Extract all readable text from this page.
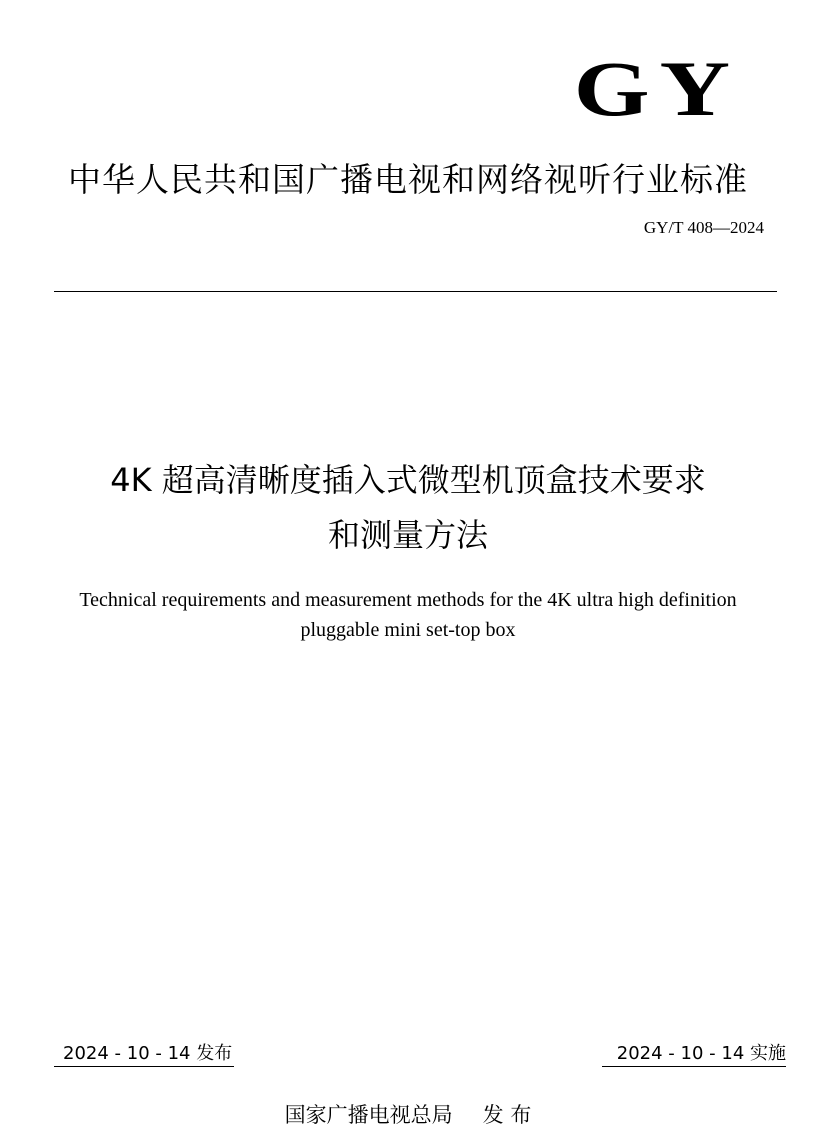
GY
中华人民共和国广播电视和网络视听行业标准
GY/T 408—2024
4K 超高清晰度插入式微型机顶盒技术要求
和测量方法
Technical requirements and measurement methods for the 4K ultra high definition
pluggable mini set-top box
2024 - 10 - 14 发布	2024 - 10 - 14 实施
国家广播电视总局 发 布
